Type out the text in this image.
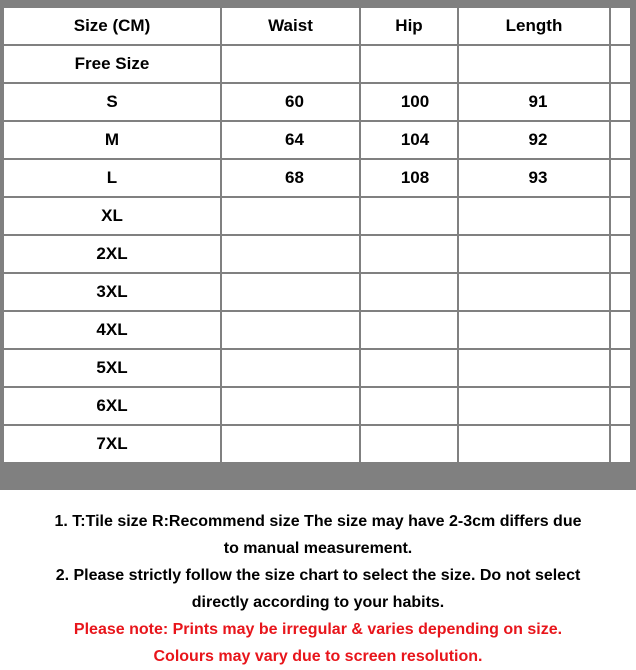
Size (CM)	Waist	Hip	Length	
Free Size				
S	60	100	91	
M	64	104	92	
L	68	108	93	
XL				
2XL				
3XL				
4XL				
5XL				
6XL				
7XL				
1. T:Tile size R:Recommend size The size may have 2-3cm differs due
to manual measurement.
2. Please strictly follow the size chart to select the size. Do not select
directly according to your habits.
Please note: Prints may be irregular & varies depending on size.
Colours may vary due to screen resolution.
